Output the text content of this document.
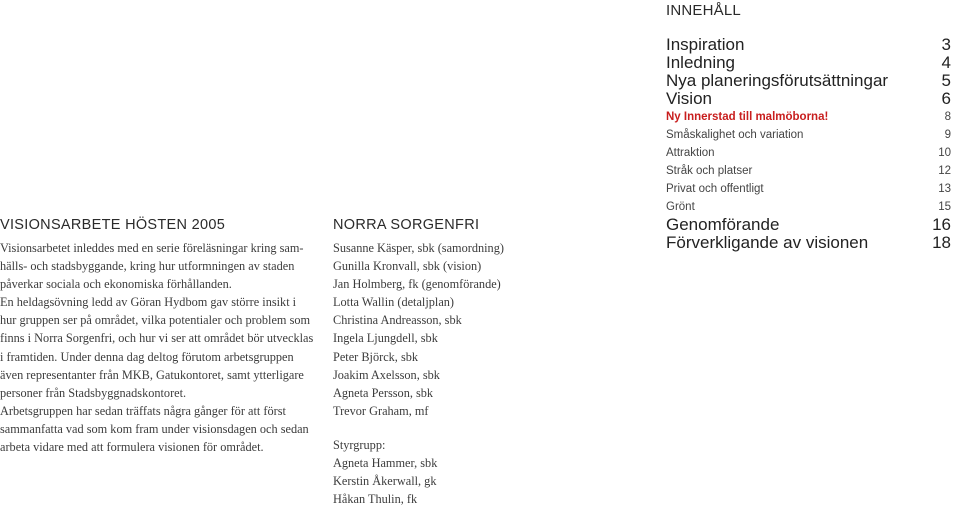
INNEHÅLL
VISIONSARBETE HÖSTEN 2005
Visionsarbetet inleddes med en serie föreläsningar kring sam-
hälls- och stadsbyggande, kring hur utformningen av staden
påverkar sociala och ekonomiska förhållanden.
En heldagsövning ledd av Göran Hydbom gav större insikt i
hur gruppen ser på området, vilka potentialer och problem som
finns i Norra Sorgenfri, och hur vi ser att området bör utvecklas
i framtiden. Under denna dag deltog förutom arbetsgruppen
även representanter från MKB, Gatukontoret, samt ytterligare
personer från Stadsbyggnadskontoret.
Arbetsgruppen har sedan träffats några gånger för att först
sammanfatta vad som kom fram under visionsdagen och sedan
arbeta vidare med att formulera visionen för området.
NORRA SORGENFRI
Susanne Käsper, sbk (samordning)
Gunilla Kronvall, sbk (vision)
Jan Holmberg, fk (genomförande)
Lotta Wallin (detaljplan)
Christina Andreasson, sbk
Ingela Ljungdell, sbk
Peter Björck, sbk
Joakim Axelsson, sbk
Agneta Persson, sbk
Trevor Graham, mf
Styrgrupp:
Agneta Hammer, sbk
Kerstin Åkerwall, gk
Håkan Thulin, fk
Inspiration	3
Inledning	4
Nya planeringsförutsättningar	5
Vision	6
Ny Innerstad till malmöborna!	8
Småskalighet och variation	9
Attraktion	10
Stråk och platser	12
Privat och offentligt	13
Grönt	15
Genomförande	16
Förverkligande av visionen	18
